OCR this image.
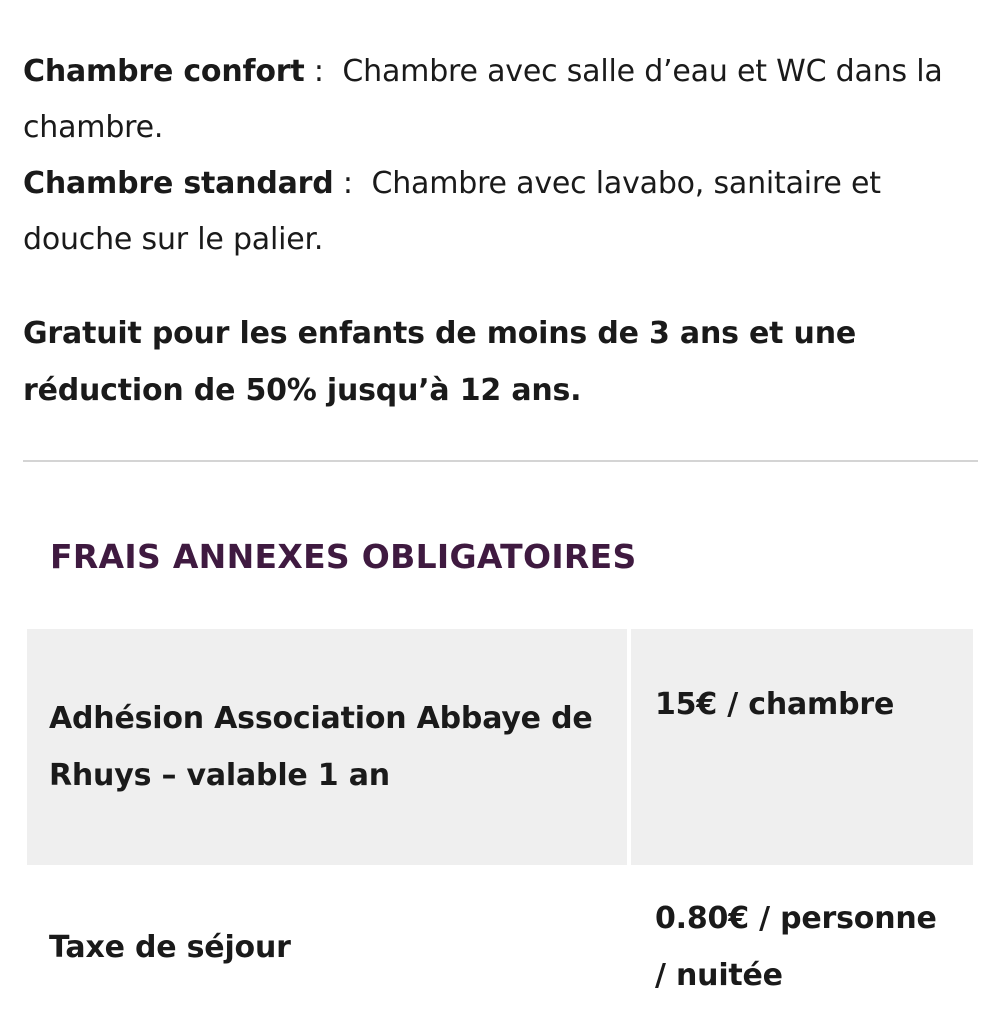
Chambre confort :  Chambre avec salle d’eau et WC dans la chambre.

Chambre standard :  Chambre avec lavabo, sanitaire et douche sur le palier.

Gratuit pour les enfants de moins de 3 ans et une réduction de 50% jusqu’à 12 ans.

FRAIS ANNEXES OBLIGATOIRES
Adhésion Association Abbaye de Rhuys – valable 1 an	15€ / chambre
Taxe de séjour	0.80€ / personne / nuitée
